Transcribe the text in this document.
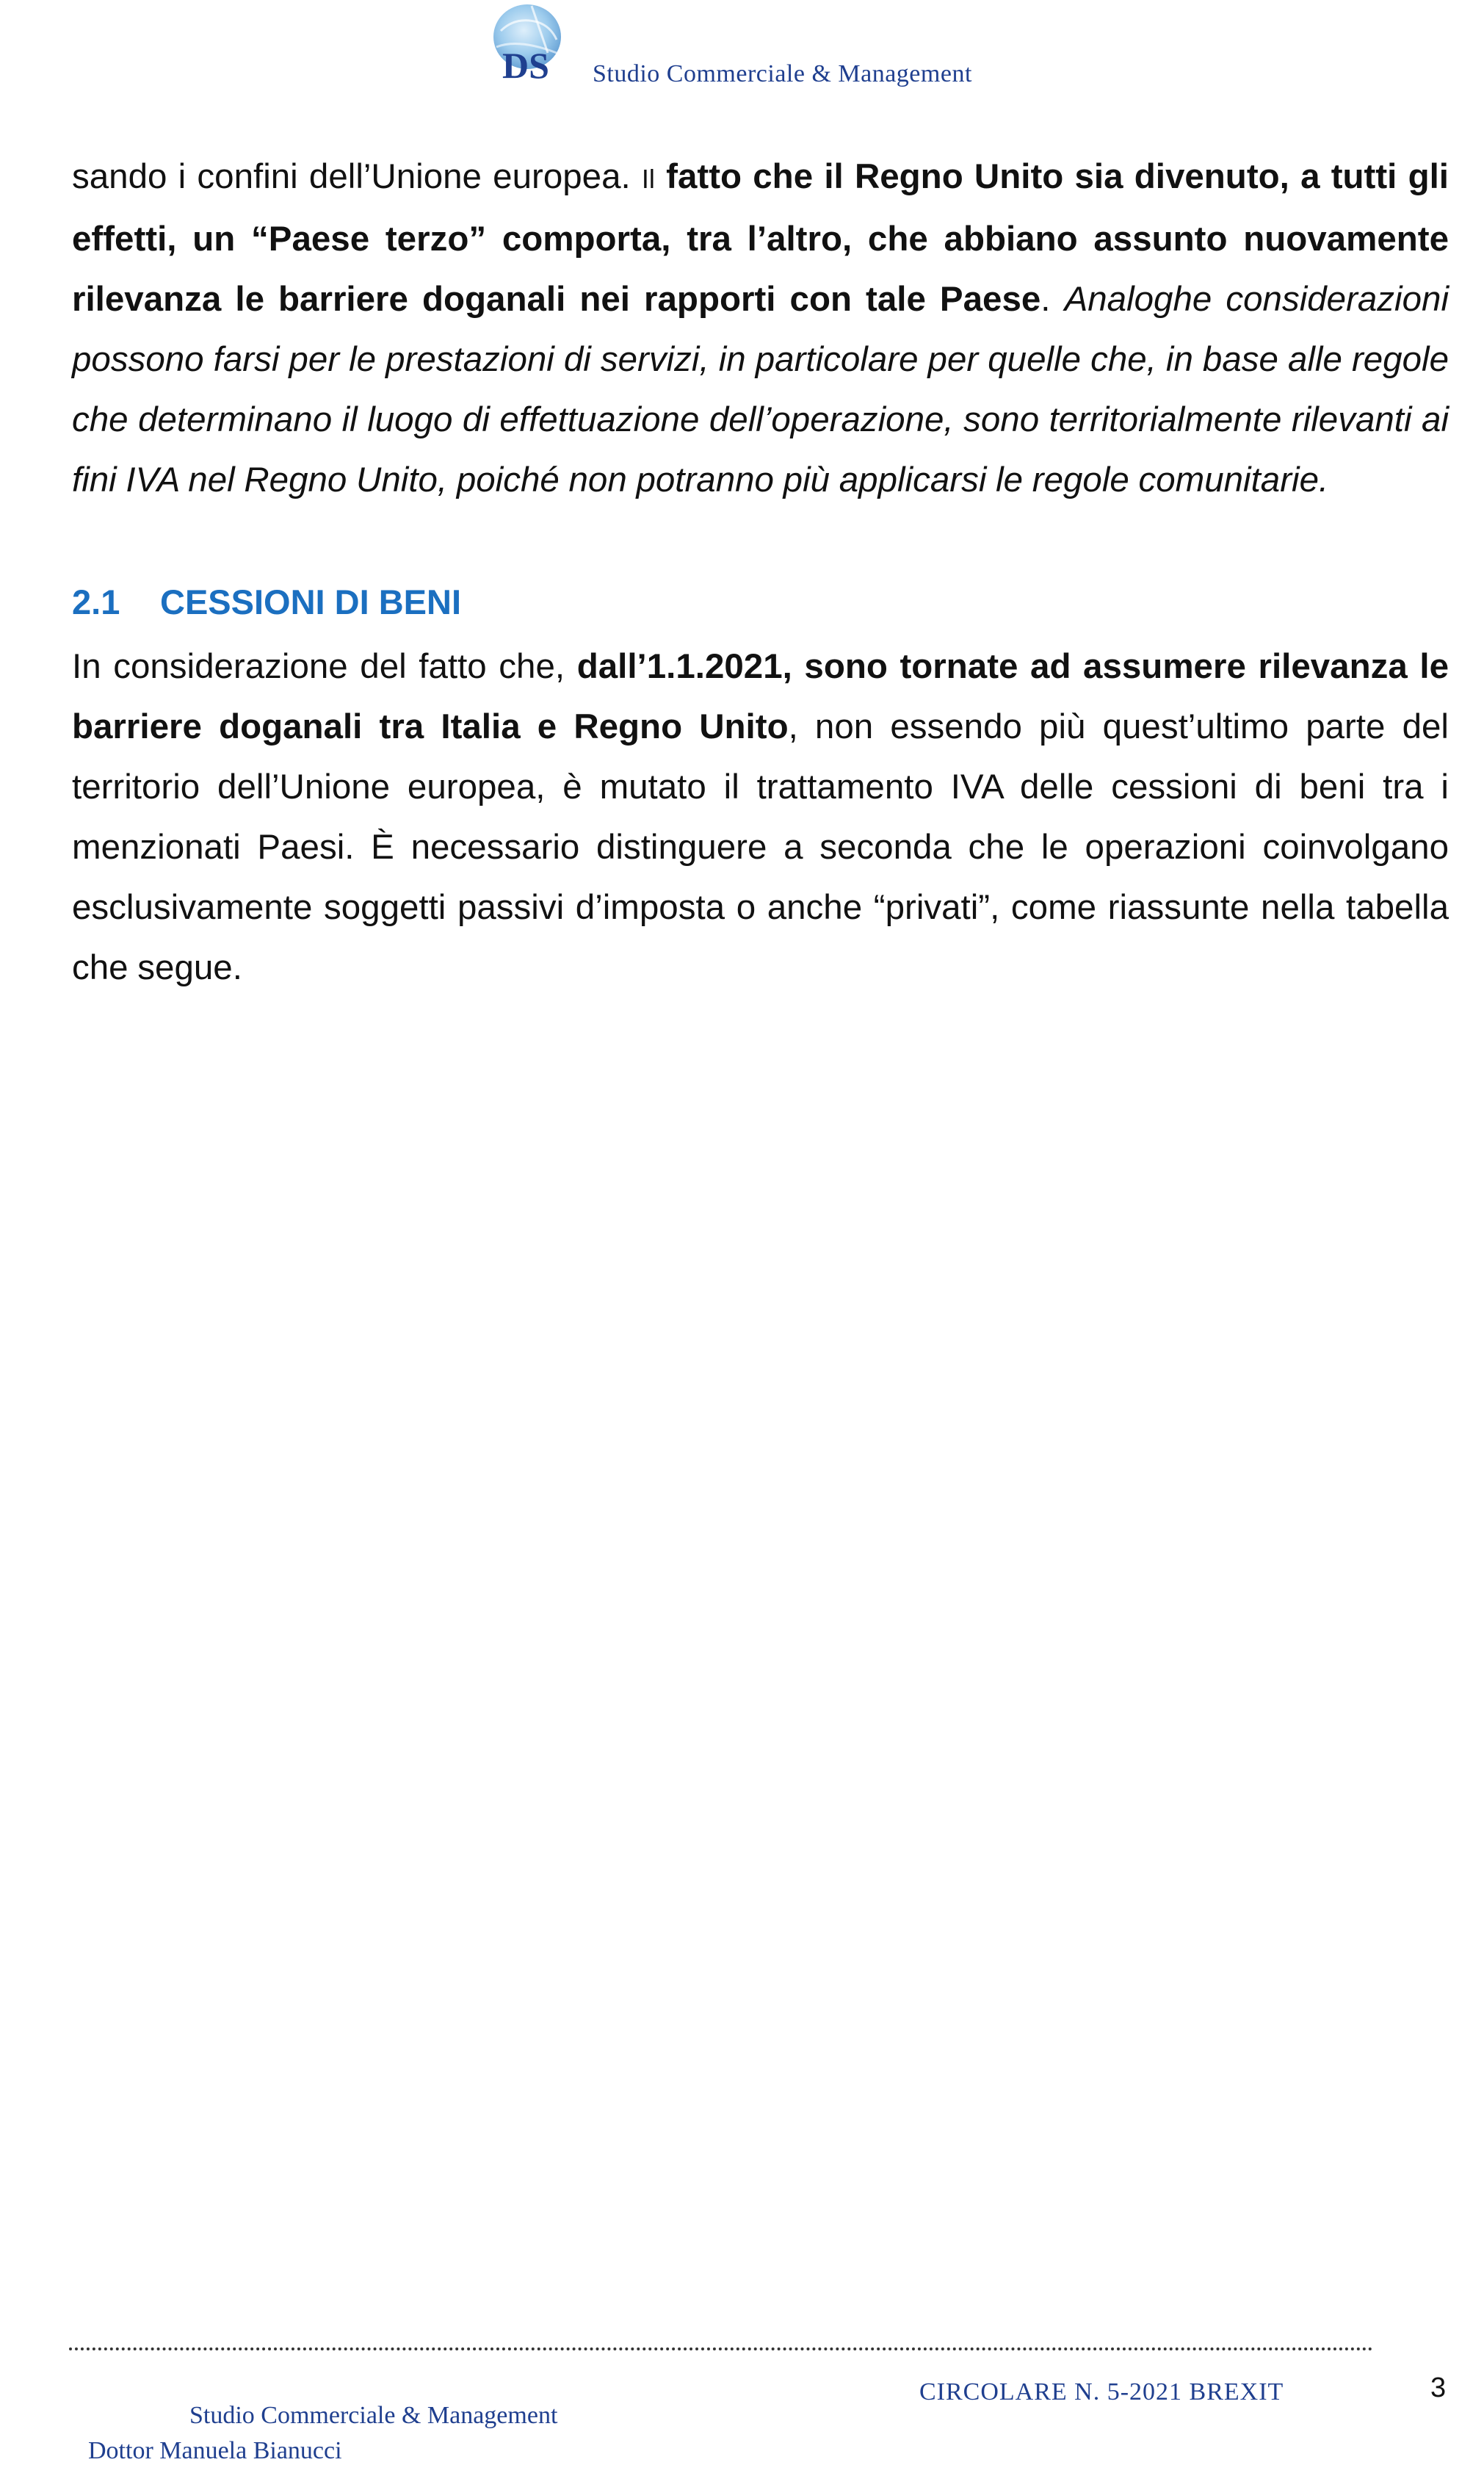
DS Studio Commerciale & Management

sando i confini dell’Unione europea. Il fatto che il Regno Unito sia divenuto, a tutti gli effetti, un “Paese terzo” comporta, tra l’altro, che abbiano assunto nuovamente rilevanza le barriere doganali nei rapporti con tale Paese. Analoghe considerazioni possono farsi per le prestazioni di servizi, in particolare per quelle che, in base alle regole che determinano il luogo di effettuazione dell’operazione, sono territorialmente rilevanti ai fini IVA nel Regno Unito, poiché non potranno più applicarsi le regole comunitarie.

2.1	CESSIONI DI BENI

In considerazione del fatto che, dall’1.1.2021, sono tornate ad assumere rilevanza le barriere doganali tra Italia e Regno Unito, non essendo più quest’ultimo parte del territorio dell’Unione europea, è mutato il trattamento IVA delle cessioni di beni tra i menzionati Paesi. È necessario distinguere a seconda che le operazioni coinvolgano esclusivamente soggetti passivi d’imposta o anche “privati”, come riassunte nella tabella che segue.

Studio Commerciale & Management
Dottor Manuela Bianucci
CIRCOLARE N. 5-2021 BREXIT	3
